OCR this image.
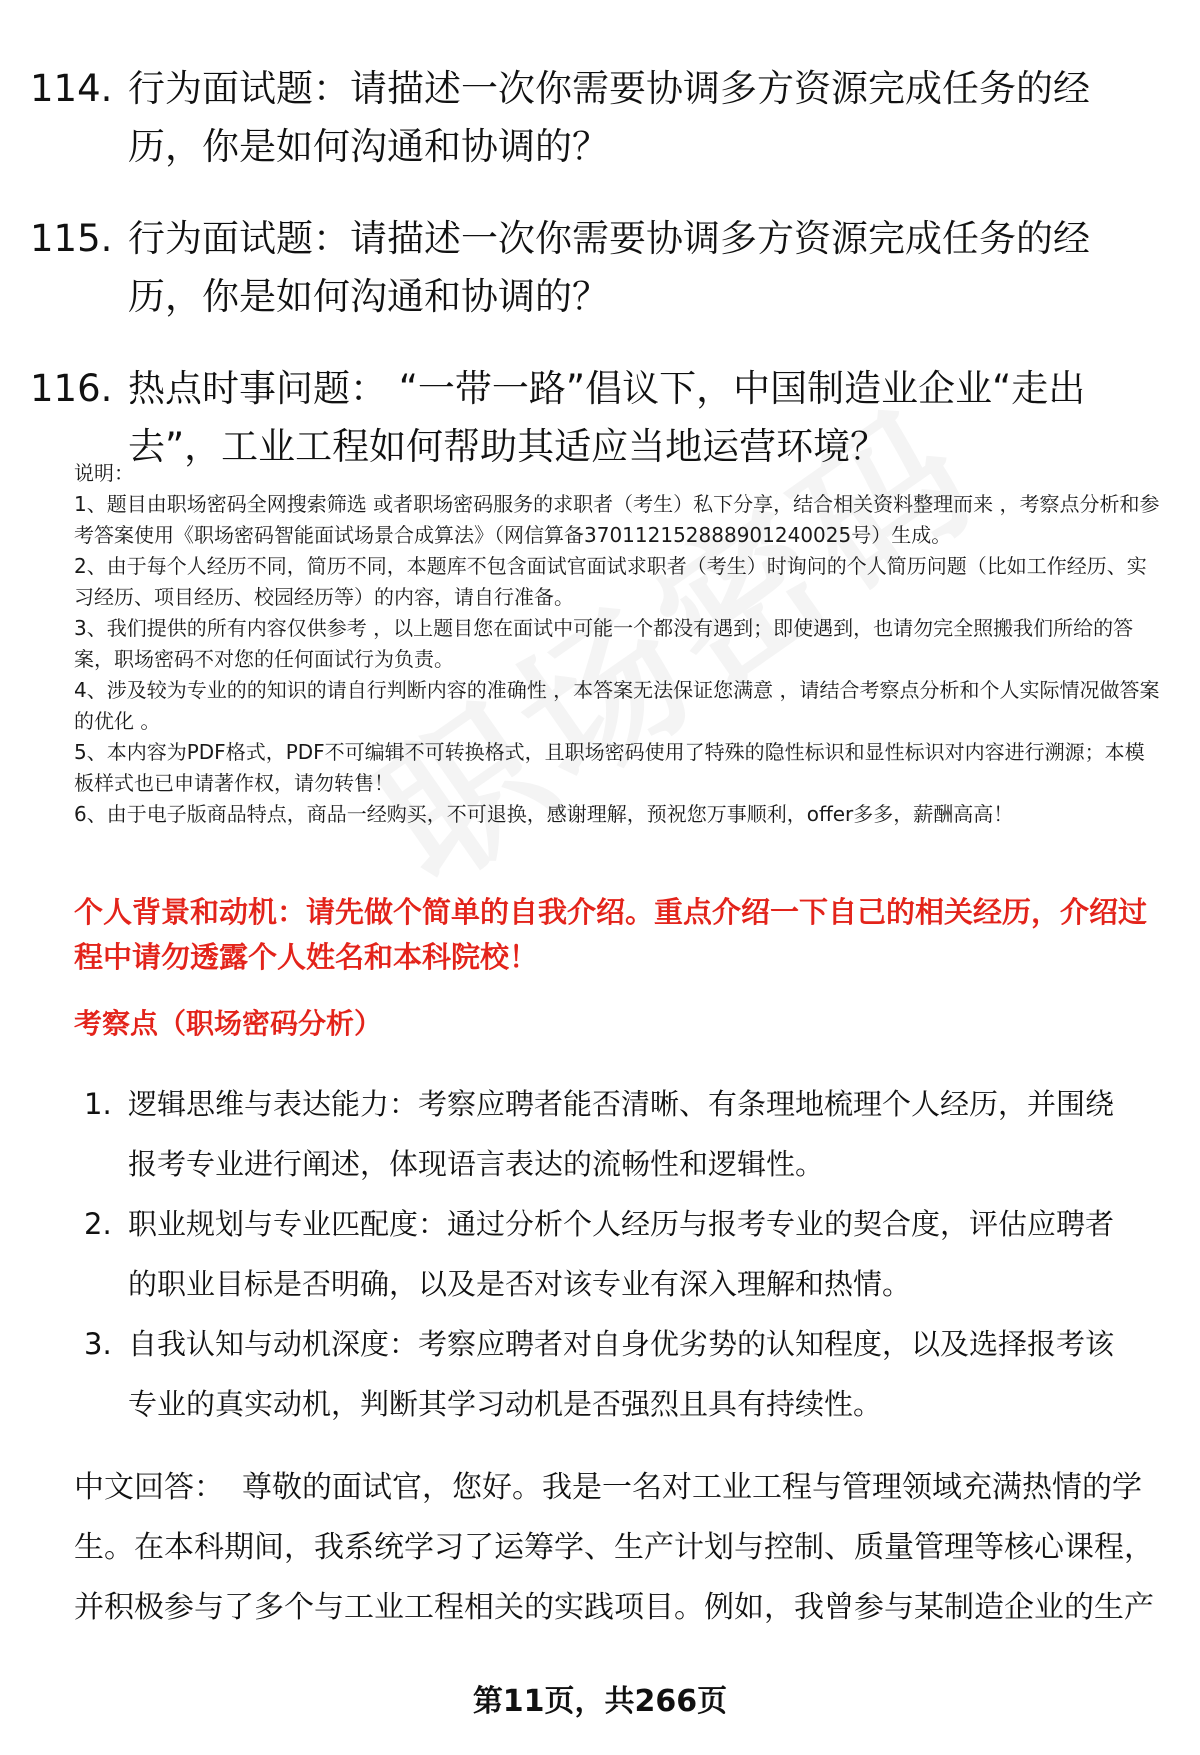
114. 行为面试题：请描述一次你需要协调多方资源完成任务的经历，你是如何沟通和协调的？
115. 行为面试题：请描述一次你需要协调多方资源完成任务的经历，你是如何沟通和协调的？
116. 热点时事问题： “一带一路”倡议下，中国制造业企业“走出去”，工业工程如何帮助其适应当地运营环境？

说明：

1、题目由职场密码全网搜索筛选 或者职场密码服务的求职者（考生）私下分享，结合相关资料整理而来 ，考察点分析和参考答案使用《职场密码智能面试场景合成算法》（网信算备370112152888901240025号）生成。

2、由于每个人经历不同，简历不同，本题库不包含面试官面试求职者（考生）时询问的个人简历问题（比如工作经历、实习经历、项目经历、校园经历等）的内容，请自行准备。

3、我们提供的所有内容仅供参考 ，以上题目您在面试中可能一个都没有遇到；即使遇到，也请勿完全照搬我们所给的答案，职场密码不对您的任何面试行为负责。

4、涉及较为专业的的知识的请自行判断内容的准确性 ，本答案无法保证您满意 ，请结合考察点分析和个人实际情况做答案的优化 。

5、本内容为PDF格式，PDF不可编辑不可转换格式，且职场密码使用了特殊的隐性标识和显性标识对内容进行溯源；本模板样式也已申请著作权，请勿转售！

6、由于电子版商品特点，商品一经购买，不可退换，感谢理解，预祝您万事顺利，offer多多，薪酬高高！

个人背景和动机：请先做个简单的自我介绍。重点介绍一下自己的相关经历，介绍过程中请勿透露个人姓名和本科院校！
考察点（职场密码分析）
1. 逻辑思维与表达能力：考察应聘者能否清晰、有条理地梳理个人经历，并围绕报考专业进行阐述，体现语言表达的流畅性和逻辑性。
2. 职业规划与专业匹配度：通过分析个人经历与报考专业的契合度，评估应聘者的职业目标是否明确，以及是否对该专业有深入理解和热情。
3. 自我认知与动机深度：考察应聘者对自身优劣势的认知程度，以及选择报考该专业的真实动机，判断其学习动机是否强烈且具有持续性。
中文回答： 尊敬的面试官，您好。我是一名对工业工程与管理领域充满热情的学生。在本科期间，我系统学习了运筹学、生产计划与控制、质量管理等核心课程，并积极参与了多个与工业工程相关的实践项目。例如，我曾参与某制造企业的生产
第11页，共266页
